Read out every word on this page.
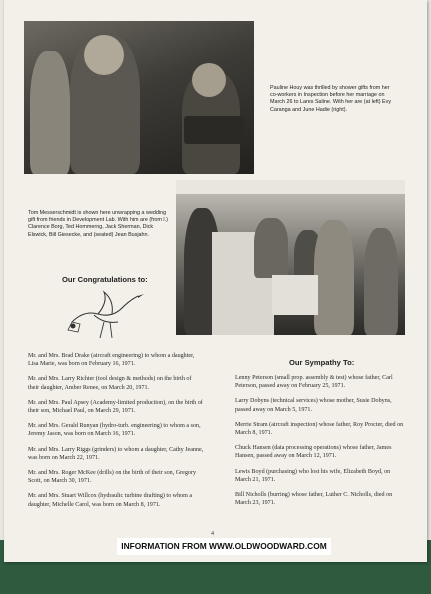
Pauline Houy was thrilled by shower gifts from her co-workers in Inspection before her marriage on March 26 to Lares Saline. With her are (at left) Evy Caranga and June Hadie (right).
Tom Messerschmidt is shown here unwrapping a wedding gift from friends in Development Lab. With him are (from l.) Clarence Borg, Ted Hommerng, Jack Sherman, Dick Elswick, Bill Giesecke, and (seated) Jean Busjahn.
Our Congratulations to:

Mr. and Mrs. Brad Drake (aircraft engineering) to whom a daughter, Lisa Marie, was born on February 16, 1971.

Mr. and Mrs. Larry Richter (tool design & methods) on the birth of their daughter, Amber Renee, on March 20, 1971.

Mr. and Mrs. Paul Apsey (Academy-limited production), on the birth of their son, Michael Paul, on March 29, 1971.

Mr. and Mrs. Gerald Runyan (hydro-turb. engineering) to whom a son, Jeremy Jason, was born on March 16, 1971.

Mr. and Mrs. Larry Riggs (grinders) to whom a daughter, Cathy Jeanne, was born on March 22, 1971.

Mr. and Mrs. Roger McKee (drills) on the birth of their son, Gregory Scott, on March 30, 1971.

Mr. and Mrs. Stuart Willcox (hydraulic turbine drafting) to whom a daughter, Michelle Carol, was born on March 8, 1971.

Our Sympathy To:

Lenny Peterson (small prop. assembly & test) whose father, Carl Peterson, passed away on February 25, 1971.

Larry Dobyns (technical services) whose mother, Susie Dobyns, passed away on March 5, 1971.

Merrie Stram (aircraft inspection) whose father, Roy Procter, died on March 8, 1971.

Chuck Hansen (data processing operations) whose father, James Hansen, passed away on March 12, 1971.

Lewis Boyd (purchasing) who lost his wife, Elizabeth Boyd, on March 21, 1971.

Bill Nicholls (burring) whose father, Luther C. Nicholls, died on March 23, 1971.

4
INFORMATION FROM WWW.OLDWOODWARD.COM
